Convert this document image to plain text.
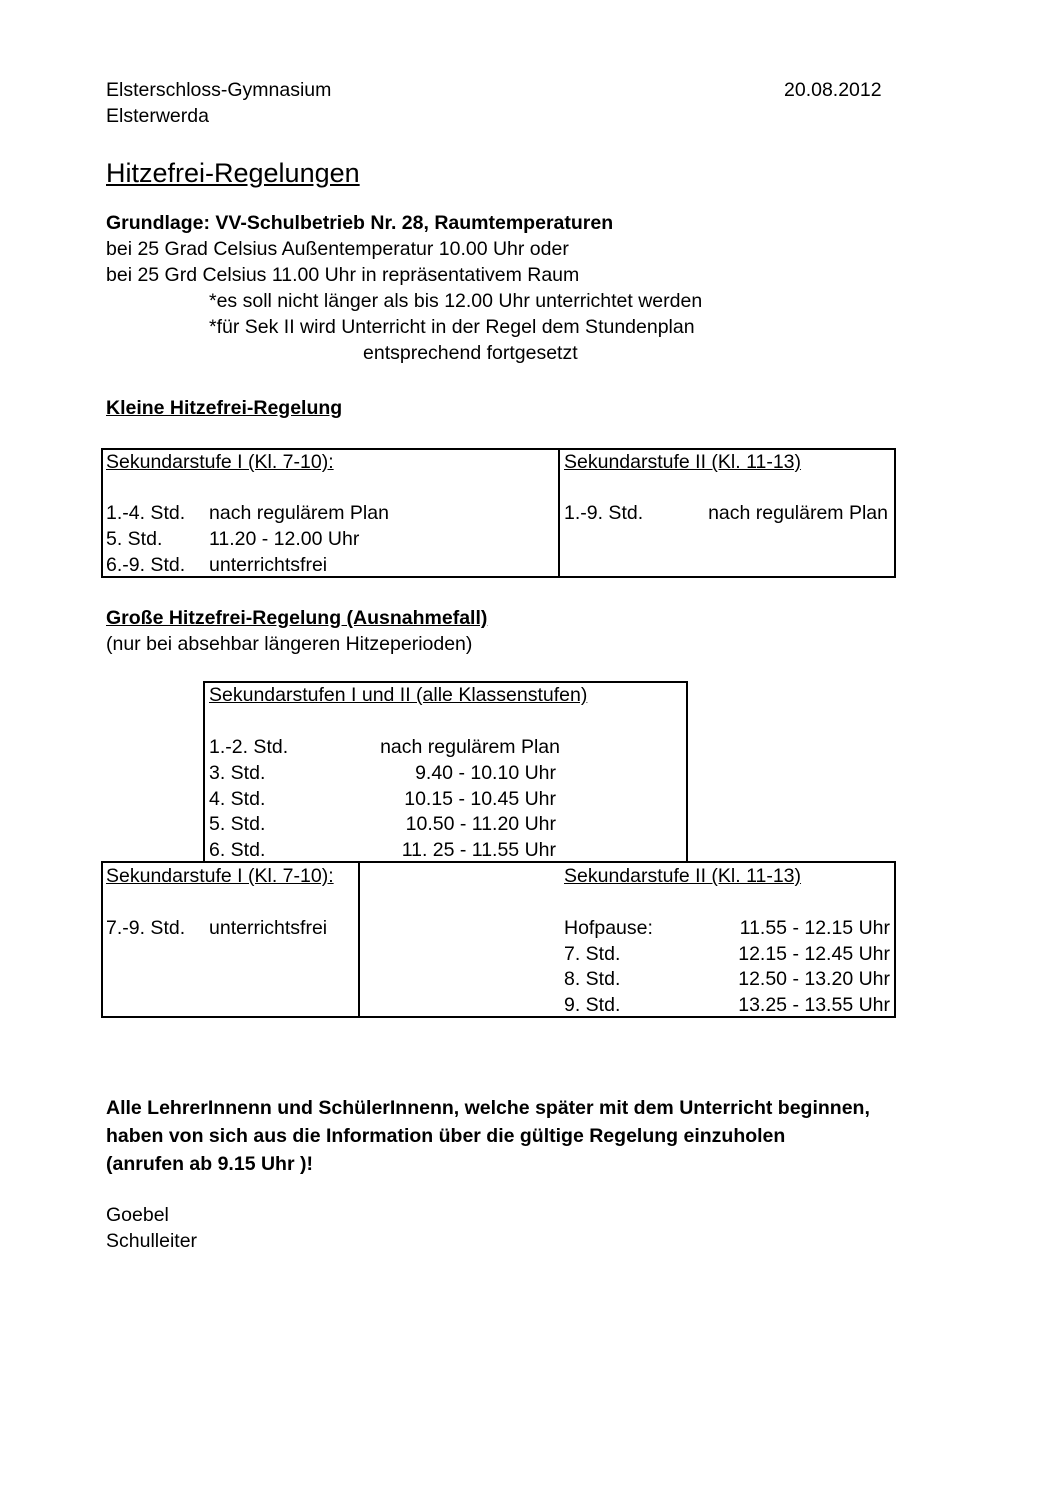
Elsterschloss-Gymnasium
Elsterwerda
20.08.2012
Hitzefrei-Regelungen
Grundlage: VV-Schulbetrieb Nr. 28, Raumtemperaturen
bei 25 Grad Celsius Außentemperatur 10.00 Uhr oder
bei 25 Grd Celsius 11.00 Uhr in repräsentativem Raum
*es soll nicht länger als bis 12.00 Uhr unterrichtet werden
*für Sek II wird Unterricht in der Regel dem Stundenplan
entsprechend fortgesetzt
Kleine Hitzefrei-Regelung
Sekundarstufe I (Kl. 7-10):
1.-4. Std. nach regulärem Plan
5. Std. 11.20 - 12.00 Uhr
6.-9. Std. unterrichtsfrei
Sekundarstufe II (Kl. 11-13)
1.-9. Std.	nach regulärem Plan
Große Hitzefrei-Regelung (Ausnahmefall)
(nur bei absehbar längeren Hitzeperioden)
Sekundarstufen I und II (alle Klassenstufen)
1.-2. Std.	nach regulärem Plan
3. Std.	9.40 - 10.10 Uhr
4. Std.	10.15 - 10.45 Uhr
5. Std.	10.50 - 11.20 Uhr
6. Std.	11. 25 - 11.55 Uhr
Sekundarstufe I (Kl. 7-10):
7.-9. Std. unterrichtsfrei
Sekundarstufe II (Kl. 11-13)
Hofpause:	11.55 - 12.15 Uhr
7. Std.	12.15 - 12.45 Uhr
8. Std.	12.50 - 13.20 Uhr
9. Std.	13.25 - 13.55 Uhr
Alle LehrerInnenn und SchülerInnenn, welche später mit dem Unterricht beginnen,
haben von sich aus die Information über die gültige Regelung einzuholen
(anrufen ab 9.15 Uhr )!
Goebel
Schulleiter
